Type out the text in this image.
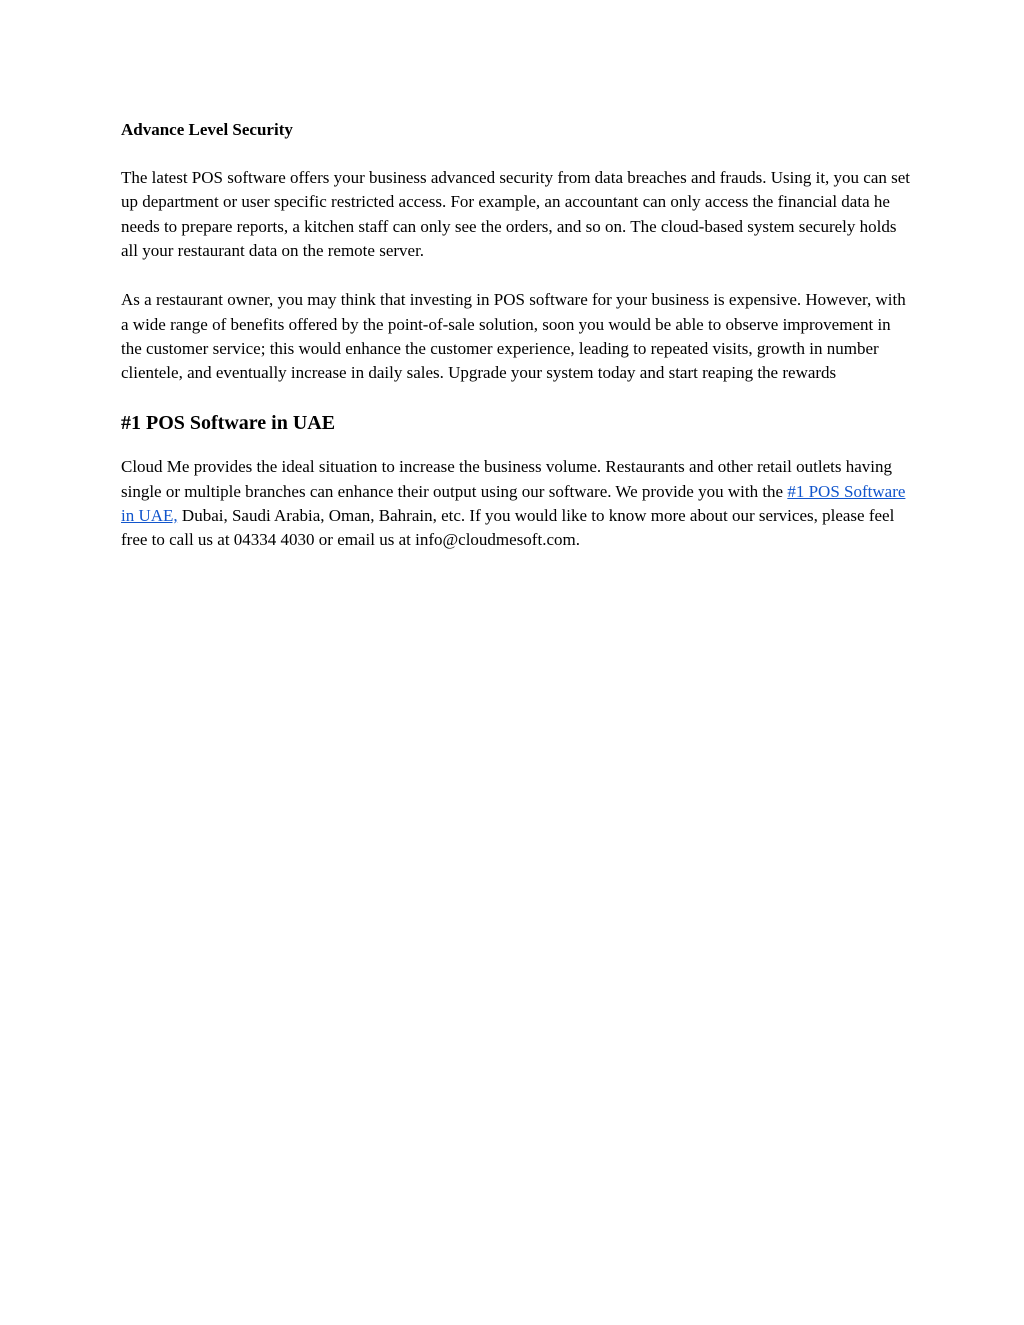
Advance Level Security

The latest POS software offers your business advanced security from data breaches and frauds. Using it, you can set up department or user specific restricted access. For example, an accountant can only access the financial data he needs to prepare reports, a kitchen staff can only see the orders, and so on. The cloud-based system securely holds all your restaurant data on the remote server.

As a restaurant owner, you may think that investing in POS software for your business is expensive. However, with a wide range of benefits offered by the point-of-sale solution, soon you would be able to observe improvement in the customer service; this would enhance the customer experience, leading to repeated visits, growth in number clientele, and eventually increase in daily sales. Upgrade your system today and start reaping the rewards

#1 POS Software in UAE

Cloud Me provides the ideal situation to increase the business volume. Restaurants and other retail outlets having single or multiple branches can enhance their output using our software. We provide you with the #1 POS Software in UAE, Dubai, Saudi Arabia, Oman, Bahrain, etc. If you would like to know more about our services, please feel free to call us at 04334 4030 or email us at info@cloudmesoft.com.
